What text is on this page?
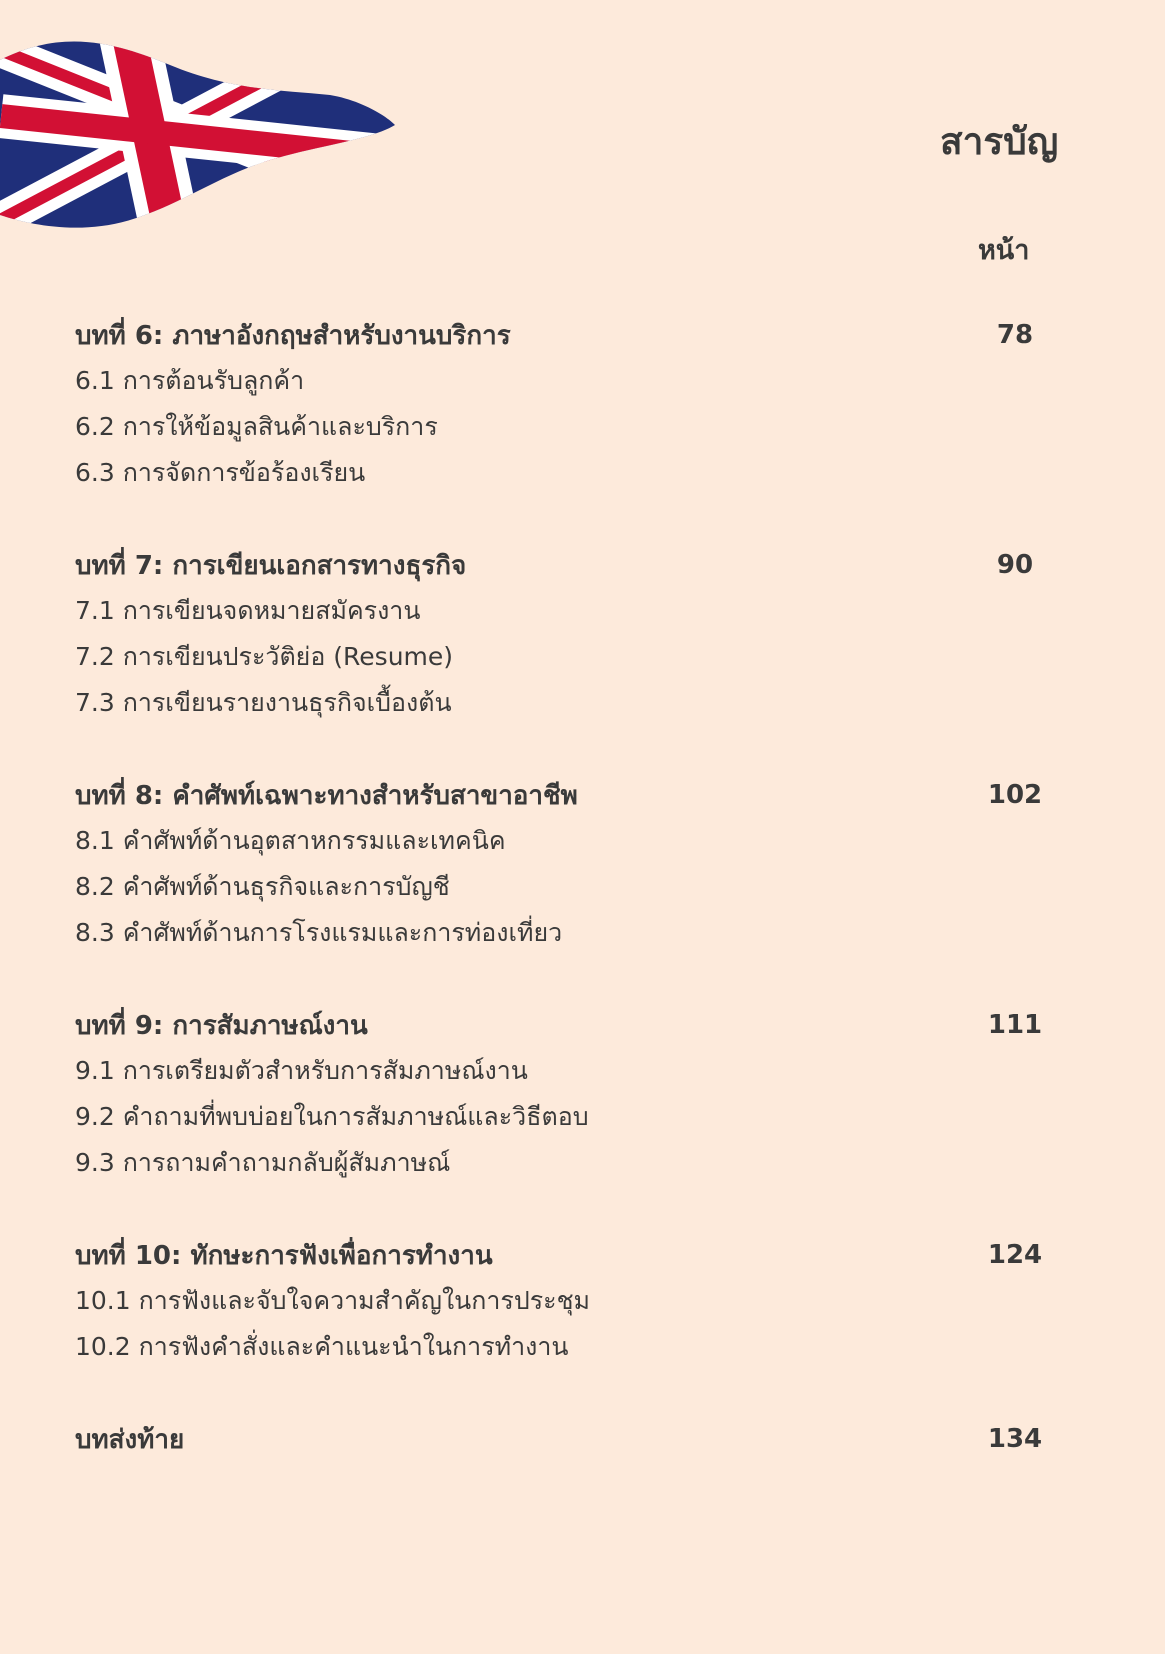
สารบัญ
หน้า
บทที่ 6: ภาษาอังกฤษสำหรับงานบริการ	78
6.1 การต้อนรับลูกค้า
6.2 การให้ข้อมูลสินค้าและบริการ
6.3 การจัดการข้อร้องเรียน
บทที่ 7: การเขียนเอกสารทางธุรกิจ	90
7.1 การเขียนจดหมายสมัครงาน
7.2 การเขียนประวัติย่อ (Resume)
7.3 การเขียนรายงานธุรกิจเบื้องต้น
บทที่ 8: คำศัพท์เฉพาะทางสำหรับสาขาอาชีพ	102
8.1 คำศัพท์ด้านอุตสาหกรรมและเทคนิค
8.2 คำศัพท์ด้านธุรกิจและการบัญชี
8.3 คำศัพท์ด้านการโรงแรมและการท่องเที่ยว
บทที่ 9: การสัมภาษณ์งาน	111
9.1 การเตรียมตัวสำหรับการสัมภาษณ์งาน
9.2 คำถามที่พบบ่อยในการสัมภาษณ์และวิธีตอบ
9.3 การถามคำถามกลับผู้สัมภาษณ์
บทที่ 10: ทักษะการฟังเพื่อการทำงาน	124
10.1 การฟังและจับใจความสำคัญในการประชุม
10.2 การฟังคำสั่งและคำแนะนำในการทำงาน
บทส่งท้าย	134
